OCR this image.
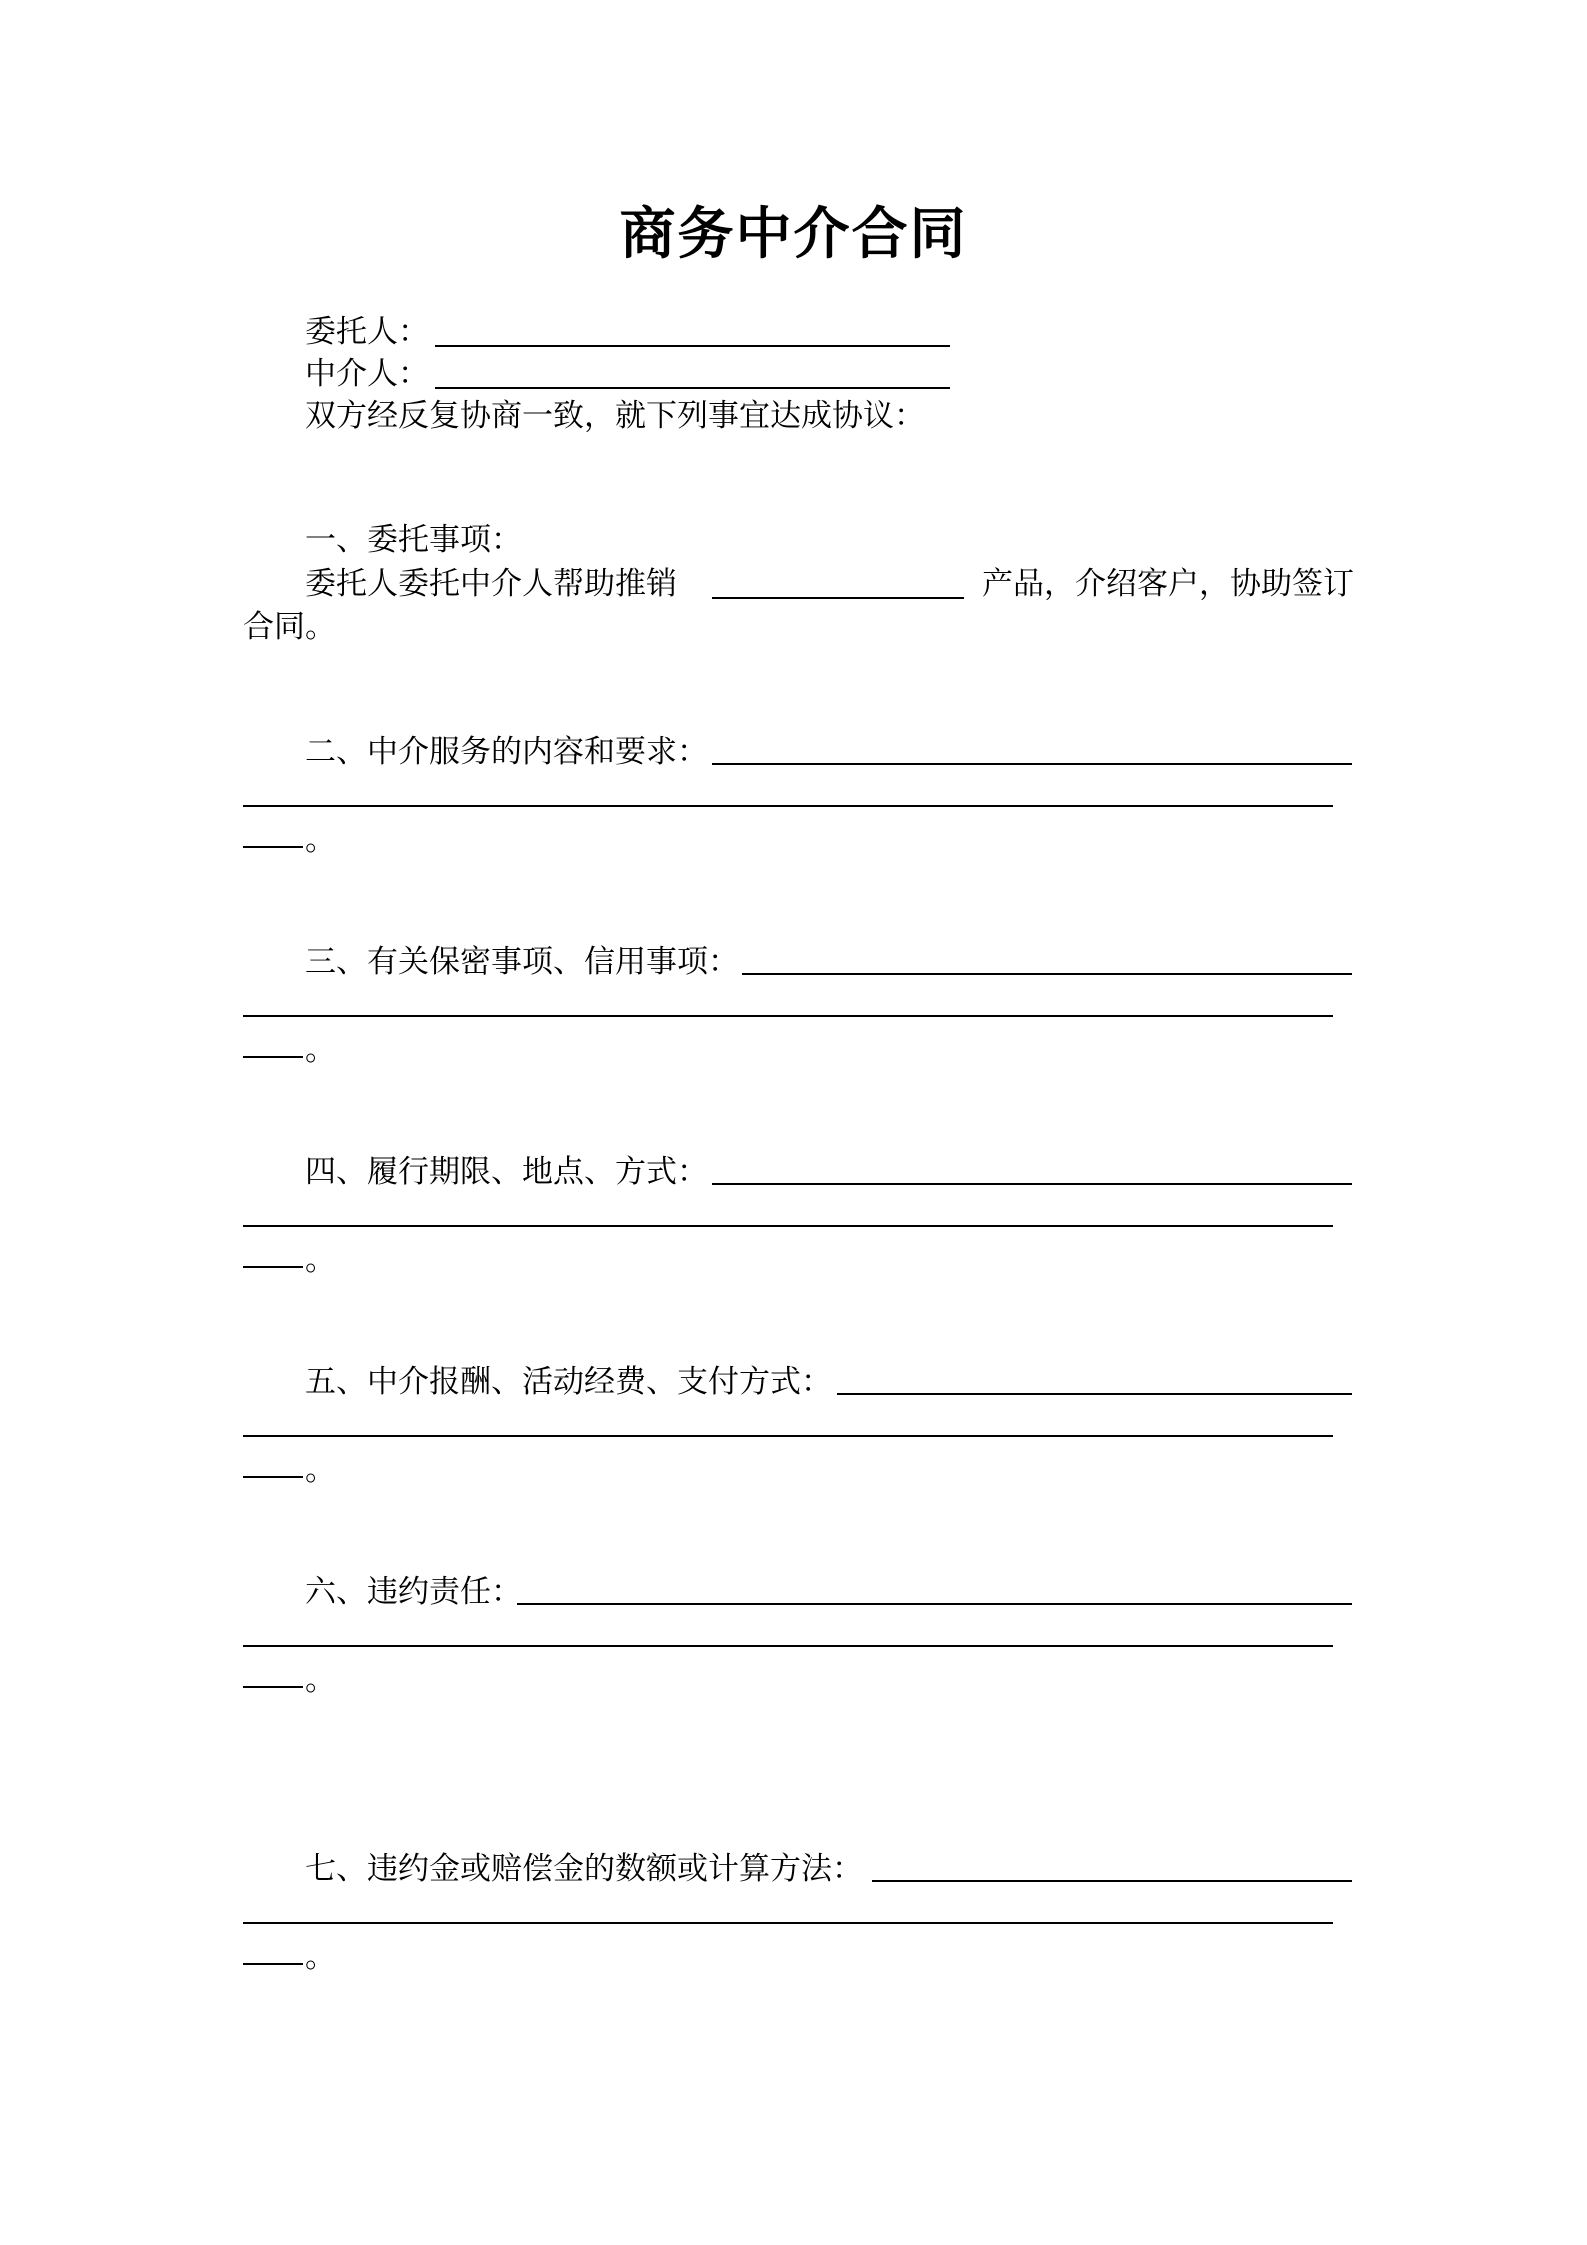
商务中介合同
委托人：
中介人：
双方经反复协商一致，就下列事宜达成协议：
一、委托事项：
委托人委托中介人帮助推销	产品，介绍客户，协助签订
合同。
二、中介服务的内容和要求：
。
三、有关保密事项、信用事项：
。
四、履行期限、地点、方式：
。
五、中介报酬、活动经费、支付方式：
。
六、违约责任：
。
七、违约金或赔偿金的数额或计算方法：
。
